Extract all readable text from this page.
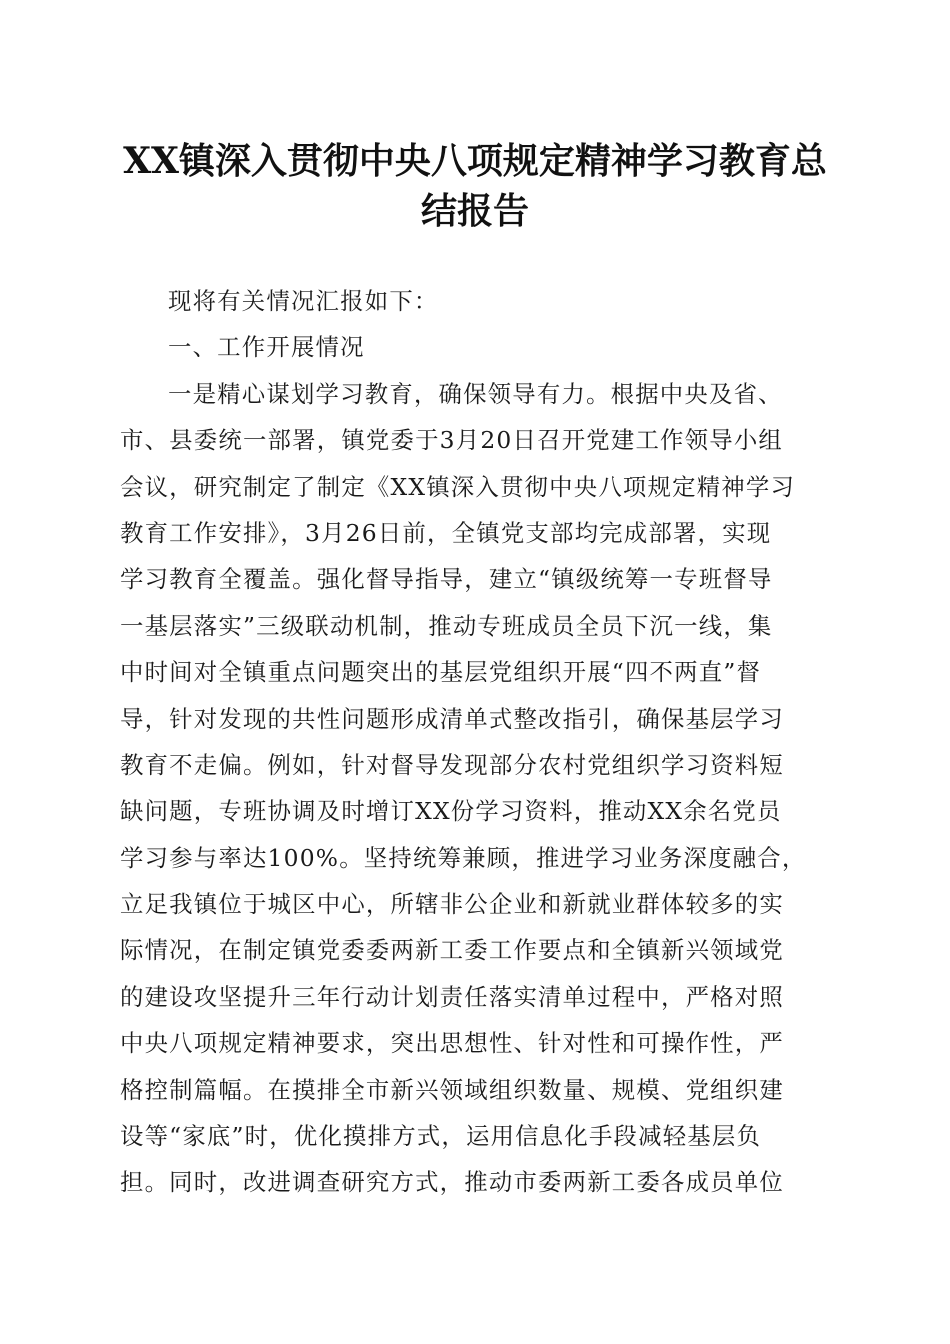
XX镇深入贯彻中央八项规定精神学习教育总
结报告
现将有关情况汇报如下：
一、工作开展情况
一是精心谋划学习教育，确保领导有力。根据中央及省、
市、县委统一部署，镇党委于3月20日召开党建工作领导小组
会议，研究制定了制定《XX镇深入贯彻中央八项规定精神学习
教育工作安排》，3月26日前，全镇党支部均完成部署，实现
学习教育全覆盖。强化督导指导，建立“镇级统筹一专班督导
一基层落实”三级联动机制，推动专班成员全员下沉一线，集
中时间对全镇重点问题突出的基层党组织开展“四不两直”督
导，针对发现的共性问题形成清单式整改指引，确保基层学习
教育不走偏。例如，针对督导发现部分农村党组织学习资料短
缺问题，专班协调及时增订XX份学习资料，推动XX余名党员
学习参与率达100%。坚持统筹兼顾，推进学习业务深度融合，
立足我镇位于城区中心，所辖非公企业和新就业群体较多的实
际情况，在制定镇党委委两新工委工作要点和全镇新兴领域党
的建设攻坚提升三年行动计划责任落实清单过程中，严格对照
中央八项规定精神要求，突出思想性、针对性和可操作性，严
格控制篇幅。在摸排全市新兴领域组织数量、规模、党组织建
设等“家底”时，优化摸排方式，运用信息化手段减轻基层负
担。同时，改进调查研究方式，推动市委两新工委各成员单位
